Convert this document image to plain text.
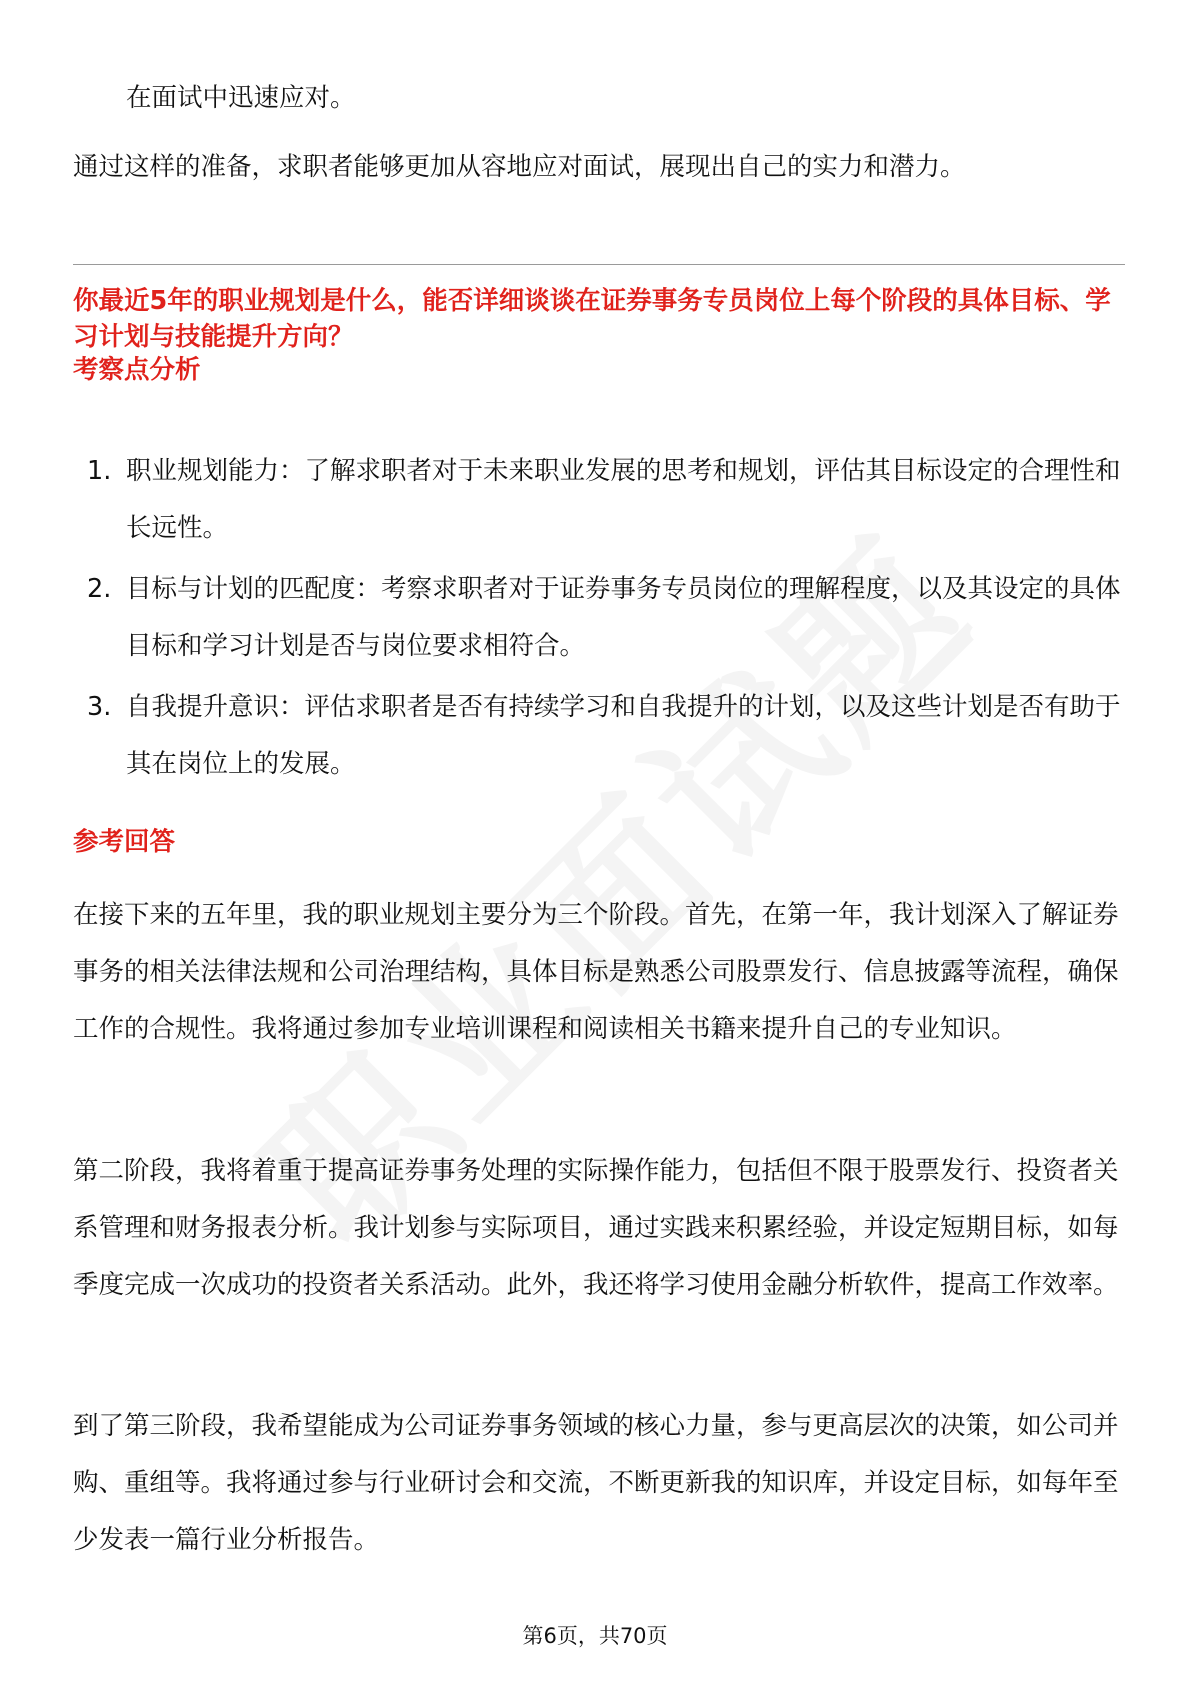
在面试中迅速应对。

通过这样的准备，求职者能够更加从容地应对面试，展现出自己的实力和潜力。

你最近5年的职业规划是什么，能否详细谈谈在证券事务专员岗位上每个阶段的具体目标、学习计划与技能提升方向？

考察点分析

1. 职业规划能力：了解求职者对于未来职业发展的思考和规划，评估其目标设定的合理性和长远性。
2. 目标与计划的匹配度：考察求职者对于证券事务专员岗位的理解程度，以及其设定的具体目标和学习计划是否与岗位要求相符合。
3. 自我提升意识：评估求职者是否有持续学习和自我提升的计划，以及这些计划是否有助于其在岗位上的发展。

参考回答

在接下来的五年里，我的职业规划主要分为三个阶段。首先，在第一年，我计划深入了解证券事务的相关法律法规和公司治理结构，具体目标是熟悉公司股票发行、信息披露等流程，确保工作的合规性。我将通过参加专业培训课程和阅读相关书籍来提升自己的专业知识。

第二阶段，我将着重于提高证券事务处理的实际操作能力，包括但不限于股票发行、投资者关系管理和财务报表分析。我计划参与实际项目，通过实践来积累经验，并设定短期目标，如每季度完成一次成功的投资者关系活动。此外，我还将学习使用金融分析软件，提高工作效率。

到了第三阶段，我希望能成为公司证券事务领域的核心力量，参与更高层次的决策，如公司并购、重组等。我将通过参与行业研讨会和交流，不断更新我的知识库，并设定目标，如每年至少发表一篇行业分析报告。

第6页，共70页
